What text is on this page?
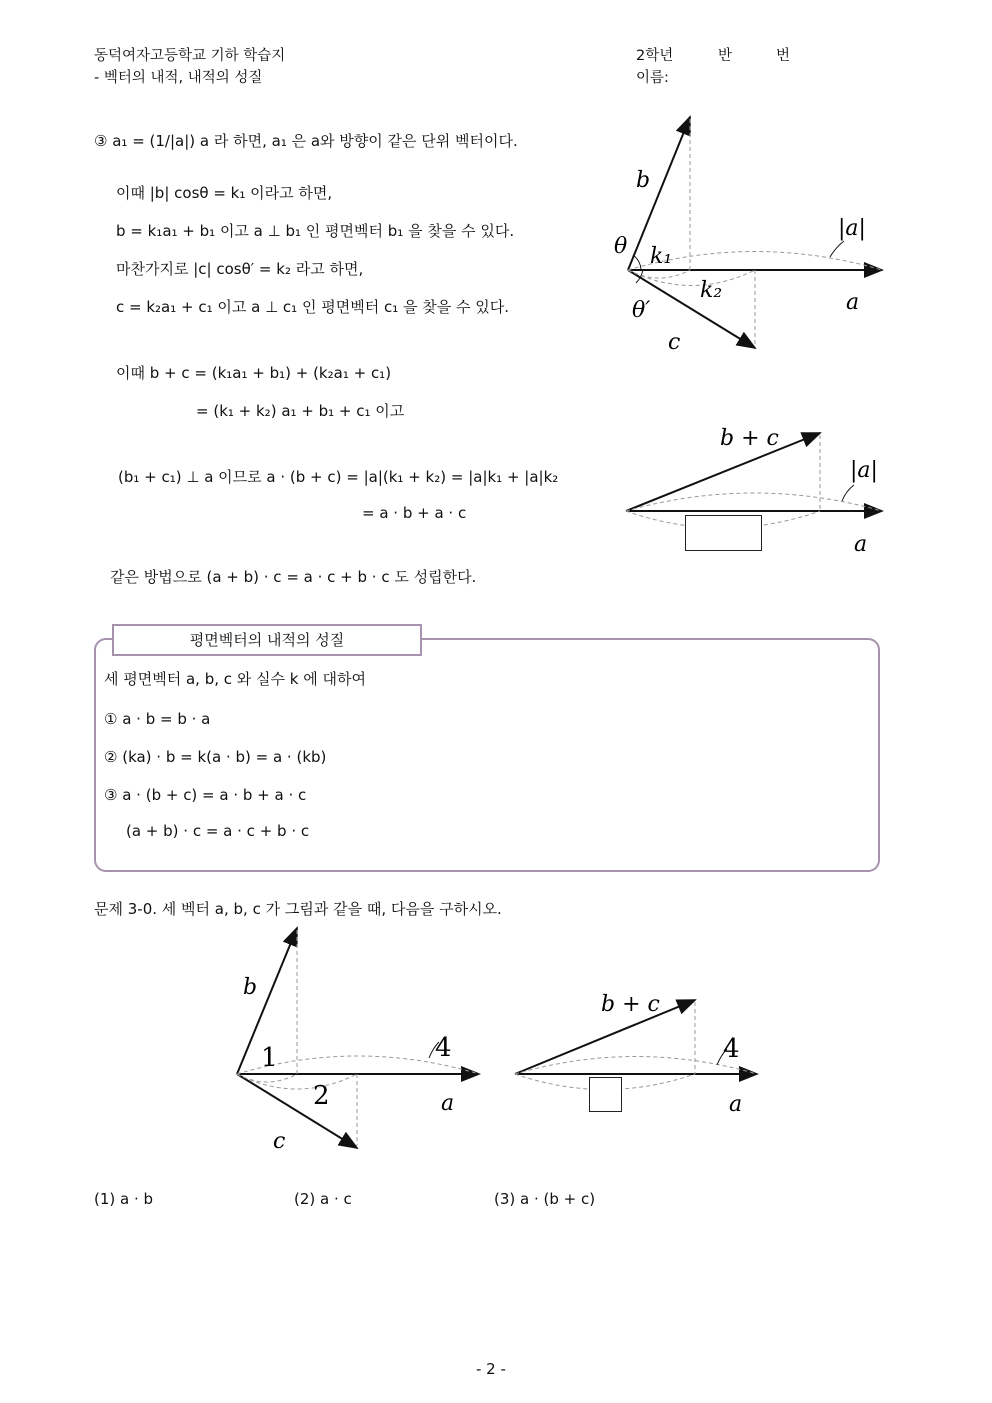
동덕여자고등학교 기하 학습지
- 벡터의 내적, 내적의 성질
2학년	반	번
이름:
③ a₁ = (1/|a|) a 라 하면, a₁ 은 a와 방향이 같은 단위 벡터이다.
이때 |b| cosθ = k₁ 이라고 하면,
b = k₁a₁ + b₁ 이고 a ⊥ b₁ 인 평면벡터 b₁ 을 찾을 수 있다.
마찬가지로 |c| cosθ′ = k₂ 라고 하면,
c = k₂a₁ + c₁ 이고 a ⊥ c₁ 인 평면벡터 c₁ 을 찾을 수 있다.
이때 b + c = (k₁a₁ + b₁) + (k₂a₁ + c₁)
= (k₁ + k₂) a₁ + b₁ + c₁ 이고
(b₁ + c₁) ⊥ a 이므로 a · (b + c) = |a|(k₁ + k₂) = |a|k₁ + |a|k₂
= a · b + a · c
같은 방법으로 (a + b) · c = a · c + b · c 도 성립한다.
b
θ k₁
|a|
k₂	a
θ′
c
b + c
|a|
a
평면벡터의 내적의 성질
세 평면벡터 a, b, c 와 실수 k 에 대하여
① a · b = b · a
② (ka) · b = k(a · b) = a · (kb)
③ a · (b + c) = a · b + a · c
(a + b) · c = a · c + b · c
문제 3-0. 세 벡터 a, b, c 가 그림과 같을 때, 다음을 구하시오.
b
1
2
4
a
c
b + c
4
a
(1) a · b	(2) a · c	(3) a · (b + c)
- 2 -
